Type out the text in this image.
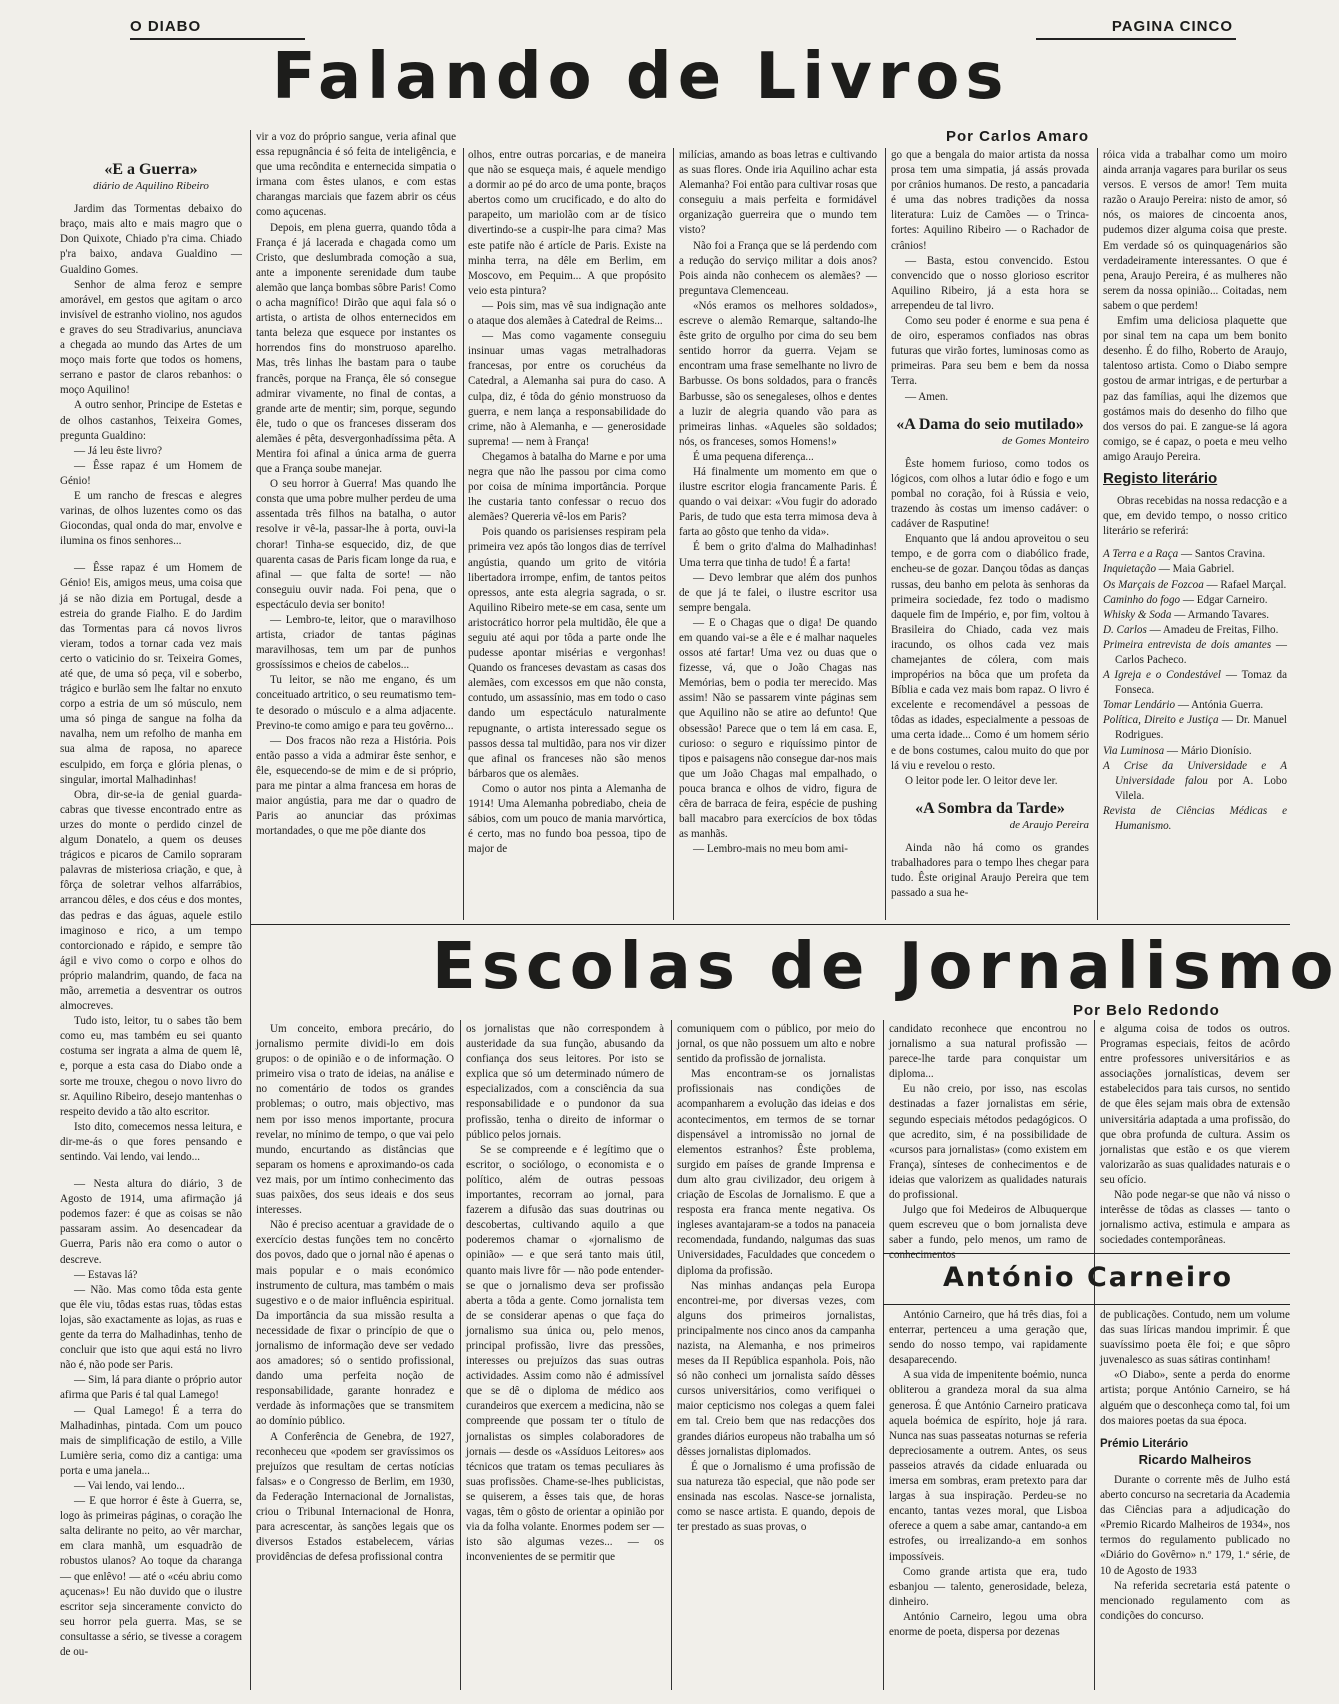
O DIABO	PAGINA CINCO
Falando de Livros
Por Carlos Amaro
«E a Guerra»
diário de Aquilino Ribeiro

Jardim das Tormentas debaixo do braço, mais alto e mais magro que o Don Quixote, Chiado p'ra cima. Chiado p'ra baixo, andava Gualdino — Gualdino Gomes.

Senhor de alma feroz e sempre amorável, em gestos que agitam o arco invisível de estranho violino, nos agudos e graves do seu Stradivarius, anunciava a chegada ao mundo das Artes de um moço mais forte que todos os homens, serrano e pastor de claros rebanhos: o moço Aquilino!

A outro senhor, Principe de Estetas e de olhos castanhos, Teixeira Gomes, pregunta Gualdino:

— Já leu êste livro?

— Êsse rapaz é um Homem de Génio!

E um rancho de frescas e alegres varinas, de olhos luzentes como os das Giocondas, qual onda do mar, envolve e ilumina os finos senhores...

— Êsse rapaz é um Homem de Génio! Eis, amigos meus, uma coisa que já se não dizia em Portugal, desde a estreia do grande Fialho. E do Jardim das Tormentas para cá novos livros vieram, todos a tornar cada vez mais certo o vaticinio do sr. Teixeira Gomes, até que, de uma só peça, vil e soberbo, trágico e burlão sem lhe faltar no enxuto corpo a estria de um só músculo, nem uma só pinga de sangue na folha da navalha, nem um refolho de manha em sua alma de raposa, no aparece esculpido, em força e glória plenas, o singular, imortal Malhadinhas!

Obra, dir-se-ia de genial guarda-cabras que tivesse encontrado entre as urzes do monte o perdido cinzel de algum Donatelo, a quem os deuses trágicos e picaros de Camilo sopraram palavras de misteriosa criação, e que, à fôrça de soletrar velhos alfarrábios, arrancou dêles, e dos céus e dos montes, das pedras e das águas, aquele estilo imaginoso e rico, a um tempo contorcionado e rápido, e sempre tão ágil e vivo como o corpo e olhos do próprio malandrim, quando, de faca na mão, arremetia a desventrar os outros almocreves.

Tudo isto, leitor, tu o sabes tão bem como eu, mas também eu sei quanto costuma ser ingrata a alma de quem lê, e, porque a esta casa do Diabo onde a sorte me trouxe, chegou o novo livro do sr. Aquilino Ribeiro, desejo mantenhas o respeito devido a tão alto escritor.

Isto dito, comecemos nessa leitura, e dir-me-ás o que fores pensando e sentindo. Vai lendo, vai lendo...

— Nesta altura do diário, 3 de Agosto de 1914, uma afirmação já podemos fazer: é que as coisas se não passaram assim. Ao desencadear da Guerra, Paris não era como o autor o descreve.

— Estavas lá?

— Não. Mas como tôda esta gente que êle viu, tôdas estas ruas, tôdas estas lojas, são exactamente as lojas, as ruas e gente da terra do Malhadinhas, tenho de concluir que isto que aqui está no livro não é, não pode ser Paris.

— Sim, lá para diante o próprio autor afirma que Paris é tal qual Lamego!

— Qual Lamego! É a terra do Malhadinhas, pintada. Com um pouco mais de simplificação de estilo, a Ville Lumière seria, como diz a cantiga: uma porta e uma janela...

— Vai lendo, vai lendo...

— E que horror é êste à Guerra, se, logo às primeiras páginas, o coração lhe salta delirante no peito, ao vêr marchar, em clara manhã, um esquadrão de robustos ulanos? Ao toque da charanga — que enlêvo! — até o «céu abriu como açucenas»! Eu não duvido que o ilustre escritor seja sinceramente convicto do seu horror pela guerra. Mas, se se consultasse a sério, se tivesse a coragem de ou-

vir a voz do próprio sangue, veria afinal que essa repugnância é só feita de inteligência, e que uma recôndita e enternecida simpatia o irmana com êstes ulanos, e com estas charangas marciais que fazem abrir os céus como açucenas.

Depois, em plena guerra, quando tôda a França é já lacerada e chagada como um Cristo, que deslumbrada comoção a sua, ante a imponente serenidade dum taube alemão que lança bombas sôbre Paris! Como o acha magnífico! Dirão que aqui fala só o artista, o artista de olhos enternecidos em tanta beleza que esquece por instantes os horrendos fins do monstruoso aparelho. Mas, três linhas lhe bastam para o taube francês, porque na França, êle só consegue admirar vivamente, no final de contas, a grande arte de mentir; sim, porque, segundo êle, tudo o que os franceses disseram dos alemães é pêta, desvergonhadíssima pêta. A Mentira foi afinal a única arma de guerra que a França soube manejar.

O seu horror à Guerra! Mas quando lhe consta que uma pobre mulher perdeu de uma assentada três filhos na batalha, o autor resolve ir vê-la, passar-lhe à porta, ouvi-la chorar! Tinha-se esquecido, diz, de que quarenta casas de Paris ficam longe da rua, e afinal — que falta de sorte! — não conseguiu ouvir nada. Foi pena, que o espectáculo devia ser bonito!

— Lembro-te, leitor, que o maravilhoso artista, criador de tantas páginas maravilhosas, tem um par de punhos grossíssimos e cheios de cabelos...

Tu leitor, se não me engano, és um conceituado artritico, o seu reumatismo tem-te desorado o músculo e a alma adjacente. Previno-te como amigo e para teu govêrno...

— Dos fracos não reza a História. Pois então passo a vida a admirar êste senhor, e êle, esquecendo-se de mim e de si próprio, para me pintar a alma francesa em horas de maior angústia, para me dar o quadro de Paris ao anunciar das próximas mortandades, o que me põe diante dos

olhos, entre outras porcarias, e de maneira que não se esqueça mais, é aquele mendigo a dormir ao pé do arco de uma ponte, braços abertos como um crucificado, e do alto do parapeito, um mariolão com ar de tísico divertindo-se a cuspir-lhe para cima? Mas este patife não é artícle de Paris. Existe na minha terra, na dêle em Berlim, em Moscovo, em Pequim... A que propósito veio esta pintura?

— Pois sim, mas vê sua indignação ante o ataque dos alemães à Catedral de Reims...

— Mas como vagamente conseguiu insinuar umas vagas metralhadoras francesas, por entre os coruchéus da Catedral, a Alemanha sai pura do caso. A culpa, diz, é tôda do génio monstruoso da guerra, e nem lança a responsabilidade do crime, não à Alemanha, e — generosidade suprema! — nem à França!

Chegamos à batalha do Marne e por uma negra que não lhe passou por cima como por coisa de mínima importância. Porque lhe custaria tanto confessar o recuo dos alemães? Quereria vê-los em Paris?

Pois quando os parisienses respiram pela primeira vez após tão longos dias de terrível angústia, quando um grito de vitória libertadora irrompe, enfim, de tantos peitos opressos, ante esta alegria sagrada, o sr. Aquilino Ribeiro mete-se em casa, sente um aristocrático horror pela multidão, êle que a seguiu até aqui por tôda a parte onde lhe pudesse apontar misérias e vergonhas! Quando os franceses devastam as casas dos alemães, com excessos em que não consta, contudo, um assassínio, mas em todo o caso dando um espectáculo naturalmente repugnante, o artista interessado segue os passos dessa tal multidão, para nos vir dizer que afinal os franceses não são menos bárbaros que os alemães.

Como o autor nos pinta a Alemanha de 1914! Uma Alemanha pobrediabo, cheia de sábios, com um pouco de mania marvórtica, é certo, mas no fundo boa pessoa, tipo de major de

milícias, amando as boas letras e cultivando as suas flores. Onde iria Aquilino achar esta Alemanha? Foi então para cultivar rosas que conseguiu a mais perfeita e formidável organização guerreira que o mundo tem visto?

Não foi a França que se lá perdendo com a redução do serviço militar a dois anos? Pois ainda não conhecem os alemães? — preguntava Clemenceau.

«Nós eramos os melhores soldados», escreve o alemão Remarque, saltando-lhe êste grito de orgulho por cima do seu bem sentido horror da guerra. Vejam se encontram uma frase semelhante no livro de Barbusse. Os bons soldados, para o francês Barbusse, são os senegaleses, olhos e dentes a luzir de alegria quando vão para as primeiras linhas. «Aqueles são soldados; nós, os franceses, somos Homens!»

É uma pequena diferença...

Há finalmente um momento em que o ilustre escritor elogia francamente Paris. É quando o vai deixar: «Vou fugir do adorado Paris, de tudo que esta terra mimosa deva à farta ao gôsto que tenho da vida».

É bem o grito d'alma do Malhadinhas! Uma terra que tinha de tudo! É a farta!

— Devo lembrar que além dos punhos de que já te falei, o ilustre escritor usa sempre bengala.

— E o Chagas que o diga! De quando em quando vai-se a êle e é malhar naqueles ossos até fartar! Uma vez ou duas que o fizesse, vá, que o João Chagas nas Memórias, bem o podia ter merecido. Mas assim! Não se passarem vinte páginas sem que Aquilino não se atire ao defunto! Que obsessão! Parece que o tem lá em casa. E, curioso: o seguro e riquíssimo pintor de tipos e paisagens não consegue dar-nos mais que um João Chagas mal empalhado, o pouca branca e olhos de vidro, figura de cêra de barraca de feira, espécie de pushing ball macabro para exercícios de box tôdas as manhãs.

— Lembro-mais no meu bom ami-

go que a bengala do maior artista da nossa prosa tem uma simpatia, já assás provada por crânios humanos. De resto, a pancadaria é uma das nobres tradições da nossa literatura: Luiz de Camões — o Trinca-fortes: Aquilino Ribeiro — o Rachador de crânios!

— Basta, estou convencido. Estou convencido que o nosso glorioso escritor Aquilino Ribeiro, já a esta hora se arrependeu de tal livro.

Como seu poder é enorme e sua pena é de oiro, esperamos confiados nas obras futuras que virão fortes, luminosas como as primeiras. Para seu bem e bem da nossa Terra.

— Amen.

«A Dama do seio mutilado»
de Gomes Monteiro

Êste homem furioso, como todos os lógicos, com olhos a lutar ódio e fogo e um pombal no coração, foi à Rússia e veio, trazendo às costas um imenso cadáver: o cadáver de Rasputine!

Enquanto que lá andou aproveitou o seu tempo, e de gorra com o diabólico frade, encheu-se de gozar. Dançou tôdas as danças russas, deu banho em pelota às senhoras da primeira sociedade, fez todo o madismo daquele fim de Império, e, por fim, voltou à Brasileira do Chiado, cada vez mais iracundo, os olhos cada vez mais chamejantes de cólera, com mais impropérios na bôca que um profeta da Bíblia e cada vez mais bom rapaz. O livro é excelente e recomendável a pessoas de tôdas as idades, especialmente a pessoas de uma certa idade... Como é um homem sério e de bons costumes, calou muito do que por lá viu e revelou o resto.

O leitor pode ler. O leitor deve ler.

«A Sombra da Tarde»
de Araujo Pereira

Ainda não há como os grandes trabalhadores para o tempo lhes chegar para tudo. Êste original Araujo Pereira que tem passado a sua he-

róica vida a trabalhar como um moiro ainda arranja vagares para burilar os seus versos. E versos de amor! Tem muita razão o Araujo Pereira: nisto de amor, só nós, os maiores de cincoenta anos, pudemos dizer alguma coisa que preste. Em verdade só os quinquagenários são verdadeiramente interessantes. O que é pena, Araujo Pereira, é as mulheres não serem da nossa opinião... Coitadas, nem sabem o que perdem!

Emfim uma deliciosa plaquette que por sinal tem na capa um bem bonito desenho. É do filho, Roberto de Araujo, talentoso artista. Como o Diabo sempre gostou de armar intrigas, e de perturbar a paz das famílias, aqui lhe dizemos que gostámos mais do desenho do filho que dos versos do pai. E zangue-se lá agora comigo, se é capaz, o poeta e meu velho amigo Araujo Pereira.

Registo literário

Obras recebidas na nossa redacção e a que, em devido tempo, o nosso critico literário se referirá:

A Terra e a Raça — Santos Cravina.
Inquietação — Maia Gabriel.
Os Marçais de Fozcoa — Rafael Marçal.
Caminho do fogo — Edgar Carneiro.
Whisky & Soda — Armando Tavares.
D. Carlos — Amadeu de Freitas, Filho.
Primeira entrevista de dois amantes — Carlos Pacheco.
A Igreja e o Condestável — Tomaz da Fonseca.
Tomar Lendário — Antónia Guerra.
Política, Direito e Justiça — Dr. Manuel Rodrigues.
Via Luminosa — Mário Dionísio.
A Crise da Universidade e A Universidade falou por A. Lobo Vilela.
Revista de Ciências Médicas e Humanismo.
Escolas de Jornalismo
Por Belo Redondo

Um conceito, embora precário, do jornalismo permite dividi-lo em dois grupos: o de opinião e o de informação. O primeiro visa o trato de ideias, na análise e no comentário de todos os grandes problemas; o outro, mais objectivo, mas nem por isso menos importante, procura revelar, no mínimo de tempo, o que vai pelo mundo, encurtando as distâncias que separam os homens e aproximando-os cada vez mais, por um íntimo conhecimento das suas paixões, dos seus ideais e dos seus interesses.

Não é preciso acentuar a gravidade de o exercício destas funções tem no concêrto dos povos, dado que o jornal não é apenas o mais popular e o mais económico instrumento de cultura, mas também o mais sugestivo e o de maior influência espiritual. Da importância da sua missão resulta a necessidade de fixar o princípio de que o jornalismo de informação deve ser vedado aos amadores; só o sentido profissional, dando uma perfeita noção de responsabilidade, garante honradez e verdade às informações que se transmitem ao domínio público.

A Conferência de Genebra, de 1927, reconheceu que «podem ser gravíssimos os prejuízos que resultam de certas notícias falsas» e o Congresso de Berlim, em 1930, da Federação Internacional de Jornalistas, criou o Tribunal Internacional de Honra, para acrescentar, às sanções legais que os diversos Estados estabelecem, várias providências de defesa profissional contra

os jornalistas que não correspondem à austeridade da sua função, abusando da confiança dos seus leitores. Por isto se explica que só um determinado número de especializados, com a consciência da sua responsabilidade e o pundonor da sua profissão, tenha o direito de informar o público pelos jornais.

Se se compreende e é legítimo que o escritor, o sociólogo, o economista e o político, além de outras pessoas importantes, recorram ao jornal, para fazerem a difusão das suas doutrinas ou descobertas, cultivando aquilo a que poderemos chamar o «jornalismo de opinião» — e que será tanto mais útil, quanto mais livre fôr — não pode entender-se que o jornalismo deva ser profissão aberta a tôda a gente. Como jornalista tem de se considerar apenas o que faça do jornalismo sua única ou, pelo menos, principal profissão, livre das pressões, interesses ou prejuízos das suas outras actividades. Assim como não é admissível que se dê o diploma de médico aos curandeiros que exercem a medicina, não se compreende que possam ter o título de jornalistas os simples colaboradores de jornais — desde os «Assíduos Leitores» aos técnicos que tratam os temas peculiares às suas profissões. Chame-se-lhes publicistas, se quiserem, a êsses tais que, de horas vagas, têm o gôsto de orientar a opinião por via da folha volante. Enormes podem ser — isto são algumas vezes... — os inconvenientes de se permitir que

comuniquem com o público, por meio do jornal, os que não possuem um alto e nobre sentido da profissão de jornalista.

Mas encontram-se os jornalistas profissionais nas condições de acompanharem a evolução das ideias e dos acontecimentos, em termos de se tornar dispensável a intromissão no jornal de elementos estranhos? Êste problema, surgido em países de grande Imprensa e dum alto grau civilizador, deu origem à criação de Escolas de Jornalismo. E que a resposta era franca mente negativa. Os ingleses avantajaram-se a todos na panaceia recomendada, fundando, nalgumas das suas Universidades, Faculdades que concedem o diploma da profissão.

Nas minhas andanças pela Europa encontrei-me, por diversas vezes, com alguns dos primeiros jornalistas, principalmente nos cinco anos da campanha nazista, na Alemanha, e nos primeiros meses da II República espanhola. Pois, não só não conheci um jornalista saído dêsses cursos universitários, como verifiquei o maior cepticismo nos colegas a quem falei em tal. Creio bem que nas redacções dos grandes diários europeus não trabalha um só dêsses jornalistas diplomados.

É que o Jornalismo é uma profissão de sua natureza tão especial, que não pode ser ensinada nas escolas. Nasce-se jornalista, como se nasce artista. E quando, depois de ter prestado as suas provas, o

candidato reconhece que encontrou no jornalismo a sua natural profissão — parece-lhe tarde para conquistar um diploma...

Eu não creio, por isso, nas escolas destinadas a fazer jornalistas em série, segundo especiais métodos pedagógicos. O que acredito, sim, é na possibilidade de «cursos para jornalistas» (como existem em França), sínteses de conhecimentos e de ideias que valorizem as qualidades naturais do profissional.

Julgo que foi Medeiros de Albuquerque quem escreveu que o bom jornalista deve saber a fundo, pelo menos, um ramo de conhecimentos

e alguma coisa de todos os outros. Programas especiais, feitos de acôrdo entre professores universitários e as associações jornalísticas, devem ser estabelecidos para tais cursos, no sentido de que êles sejam mais obra de extensão universitária adaptada a uma profissão, do que obra profunda de cultura. Assim os jornalistas que estão e os que vierem valorizarão as suas qualidades naturais e o seu ofício.

Não pode negar-se que não vá nisso o interêsse de tôdas as classes — tanto o jornalismo activa, estimula e ampara as sociedades contemporâneas.

António Carneiro

António Carneiro, que há três dias, foi a enterrar, pertenceu a uma geração que, sendo do nosso tempo, vai rapidamente desaparecendo.

A sua vida de impenitente boémio, nunca obliterou a grandeza moral da sua alma generosa. É que António Carneiro praticava aquela boémica de espírito, hoje já rara. Nunca nas suas passeatas noturnas se referia depreciosamente a outrem. Antes, os seus passeios através da cidade enluarada ou imersa em sombras, eram pretexto para dar largas à sua inspiração. Perdeu-se no encanto, tantas vezes moral, que Lisboa oferece a quem a sabe amar, cantando-a em estrofes, ou irrealizando-a em sonhos impossíveis.

Como grande artista que era, tudo esbanjou — talento, generosidade, beleza, dinheiro.

António Carneiro, legou uma obra enorme de poeta, dispersa por dezenas

de publicações. Contudo, nem um volume das suas líricas mandou imprimir. É que suavíssimo poeta êle foi; e que sôpro juvenalesco as suas sátiras continham!

«O Diabo», sente a perda do enorme artista; porque António Carneiro, se há alguém que o desconheça como tal, foi um dos maiores poetas da sua época.

Prémio Literário
Ricardo Malheiros

Durante o corrente mês de Julho está aberto concurso na secretaria da Academia das Ciências para a adjudicação do «Premio Ricardo Malheiros de 1934», nos termos do regulamento publicado no «Diário do Govêrno» n.º 179, 1.ª série, de 10 de Agosto de 1933

Na referida secretaria está patente o mencionado regulamento com as condições do concurso.
